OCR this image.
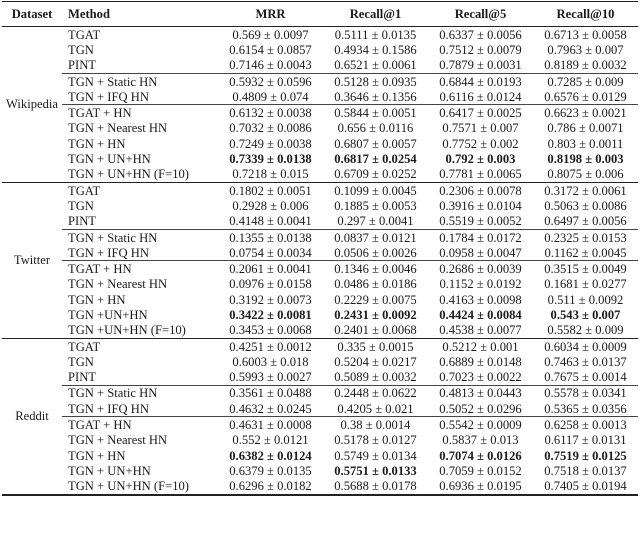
Dataset	Method	MRR	Recall@1	Recall@5	Recall@10
Wikipedia	TGAT	0.569 ± 0.0097	0.5111 ± 0.0135	0.6337 ± 0.0056	0.6713 ± 0.0058
	TGN	0.6154 ± 0.0857	0.4934 ± 0.1586	0.7512 ± 0.0079	0.7963 ± 0.007
	PINT	0.7146 ± 0.0043	0.6521 ± 0.0061	0.7879 ± 0.0031	0.8189 ± 0.0032
	TGN + Static HN	0.5932 ± 0.0596	0.5128 ± 0.0935	0.6844 ± 0.0193	0.7285 ± 0.009
	TGN + IFQ HN	0.4809 ± 0.074	0.3646 ± 0.1356	0.6116 ± 0.0124	0.6576 ± 0.0129
	TGAT + HN	0.6132 ± 0.0038	0.5844 ± 0.0051	0.6417 ± 0.0025	0.6623 ± 0.0021
	TGN + Nearest HN	0.7032 ± 0.0086	0.656 ± 0.0116	0.7571 ± 0.007	0.786 ± 0.0071
	TGN + HN	0.7249 ± 0.0038	0.6807 ± 0.0057	0.7752 ± 0.002	0.803 ± 0.0011
	TGN + UN+HN	0.7339 ± 0.0138	0.6817 ± 0.0254	0.792 ± 0.003	0.8198 ± 0.003
	TGN + UN+HN (F=10)	0.7218 ± 0.015	0.6709 ± 0.0252	0.7781 ± 0.0065	0.8075 ± 0.006
Twitter	TGAT	0.1802 ± 0.0051	0.1099 ± 0.0045	0.2306 ± 0.0078	0.3172 ± 0.0061
	TGN	0.2928 ± 0.006	0.1885 ± 0.0053	0.3916 ± 0.0104	0.5063 ± 0.0086
	PINT	0.4148 ± 0.0041	0.297 ± 0.0041	0.5519 ± 0.0052	0.6497 ± 0.0056
	TGN + Static HN	0.1355 ± 0.0138	0.0837 ± 0.0121	0.1784 ± 0.0172	0.2325 ± 0.0153
	TGN + IFQ HN	0.0754 ± 0.0034	0.0506 ± 0.0026	0.0958 ± 0.0047	0.1162 ± 0.0045
	TGAT + HN	0.2061 ± 0.0041	0.1346 ± 0.0046	0.2686 ± 0.0039	0.3515 ± 0.0049
	TGN + Nearest HN	0.0976 ± 0.0158	0.0486 ± 0.0186	0.1152 ± 0.0192	0.1681 ± 0.0277
	TGN + HN	0.3192 ± 0.0073	0.2229 ± 0.0075	0.4163 ± 0.0098	0.511 ± 0.0092
	TGN +UN+HN	0.3422 ± 0.0081	0.2431 ± 0.0092	0.4424 ± 0.0084	0.543 ± 0.007
	TGN +UN+HN (F=10)	0.3453 ± 0.0068	0.2401 ± 0.0068	0.4538 ± 0.0077	0.5582 ± 0.009
Reddit	TGAT	0.4251 ± 0.0012	0.335 ± 0.0015	0.5212 ± 0.001	0.6034 ± 0.0009
	TGN	0.6003 ± 0.018	0.5204 ± 0.0217	0.6889 ± 0.0148	0.7463 ± 0.0137
	PINT	0.5993 ± 0.0027	0.5089 ± 0.0032	0.7023 ± 0.0022	0.7675 ± 0.0014
	TGN + Static HN	0.3561 ± 0.0488	0.2448 ± 0.0622	0.4813 ± 0.0443	0.5578 ± 0.0341
	TGN + IFQ HN	0.4632 ± 0.0245	0.4205 ± 0.021	0.5052 ± 0.0296	0.5365 ± 0.0356
	TGAT + HN	0.4631 ± 0.0008	0.38 ± 0.0014	0.5542 ± 0.0009	0.6258 ± 0.0013
	TGN + Nearest HN	0.552 ± 0.0121	0.5178 ± 0.0127	0.5837 ± 0.013	0.6117 ± 0.0131
	TGN + HN	0.6382 ± 0.0124	0.5749 ± 0.0134	0.7074 ± 0.0126	0.7519 ± 0.0125
	TGN + UN+HN	0.6379 ± 0.0135	0.5751 ± 0.0133	0.7059 ± 0.0152	0.7518 ± 0.0137
	TGN + UN+HN (F=10)	0.6296 ± 0.0182	0.5688 ± 0.0178	0.6936 ± 0.0195	0.7405 ± 0.0194
